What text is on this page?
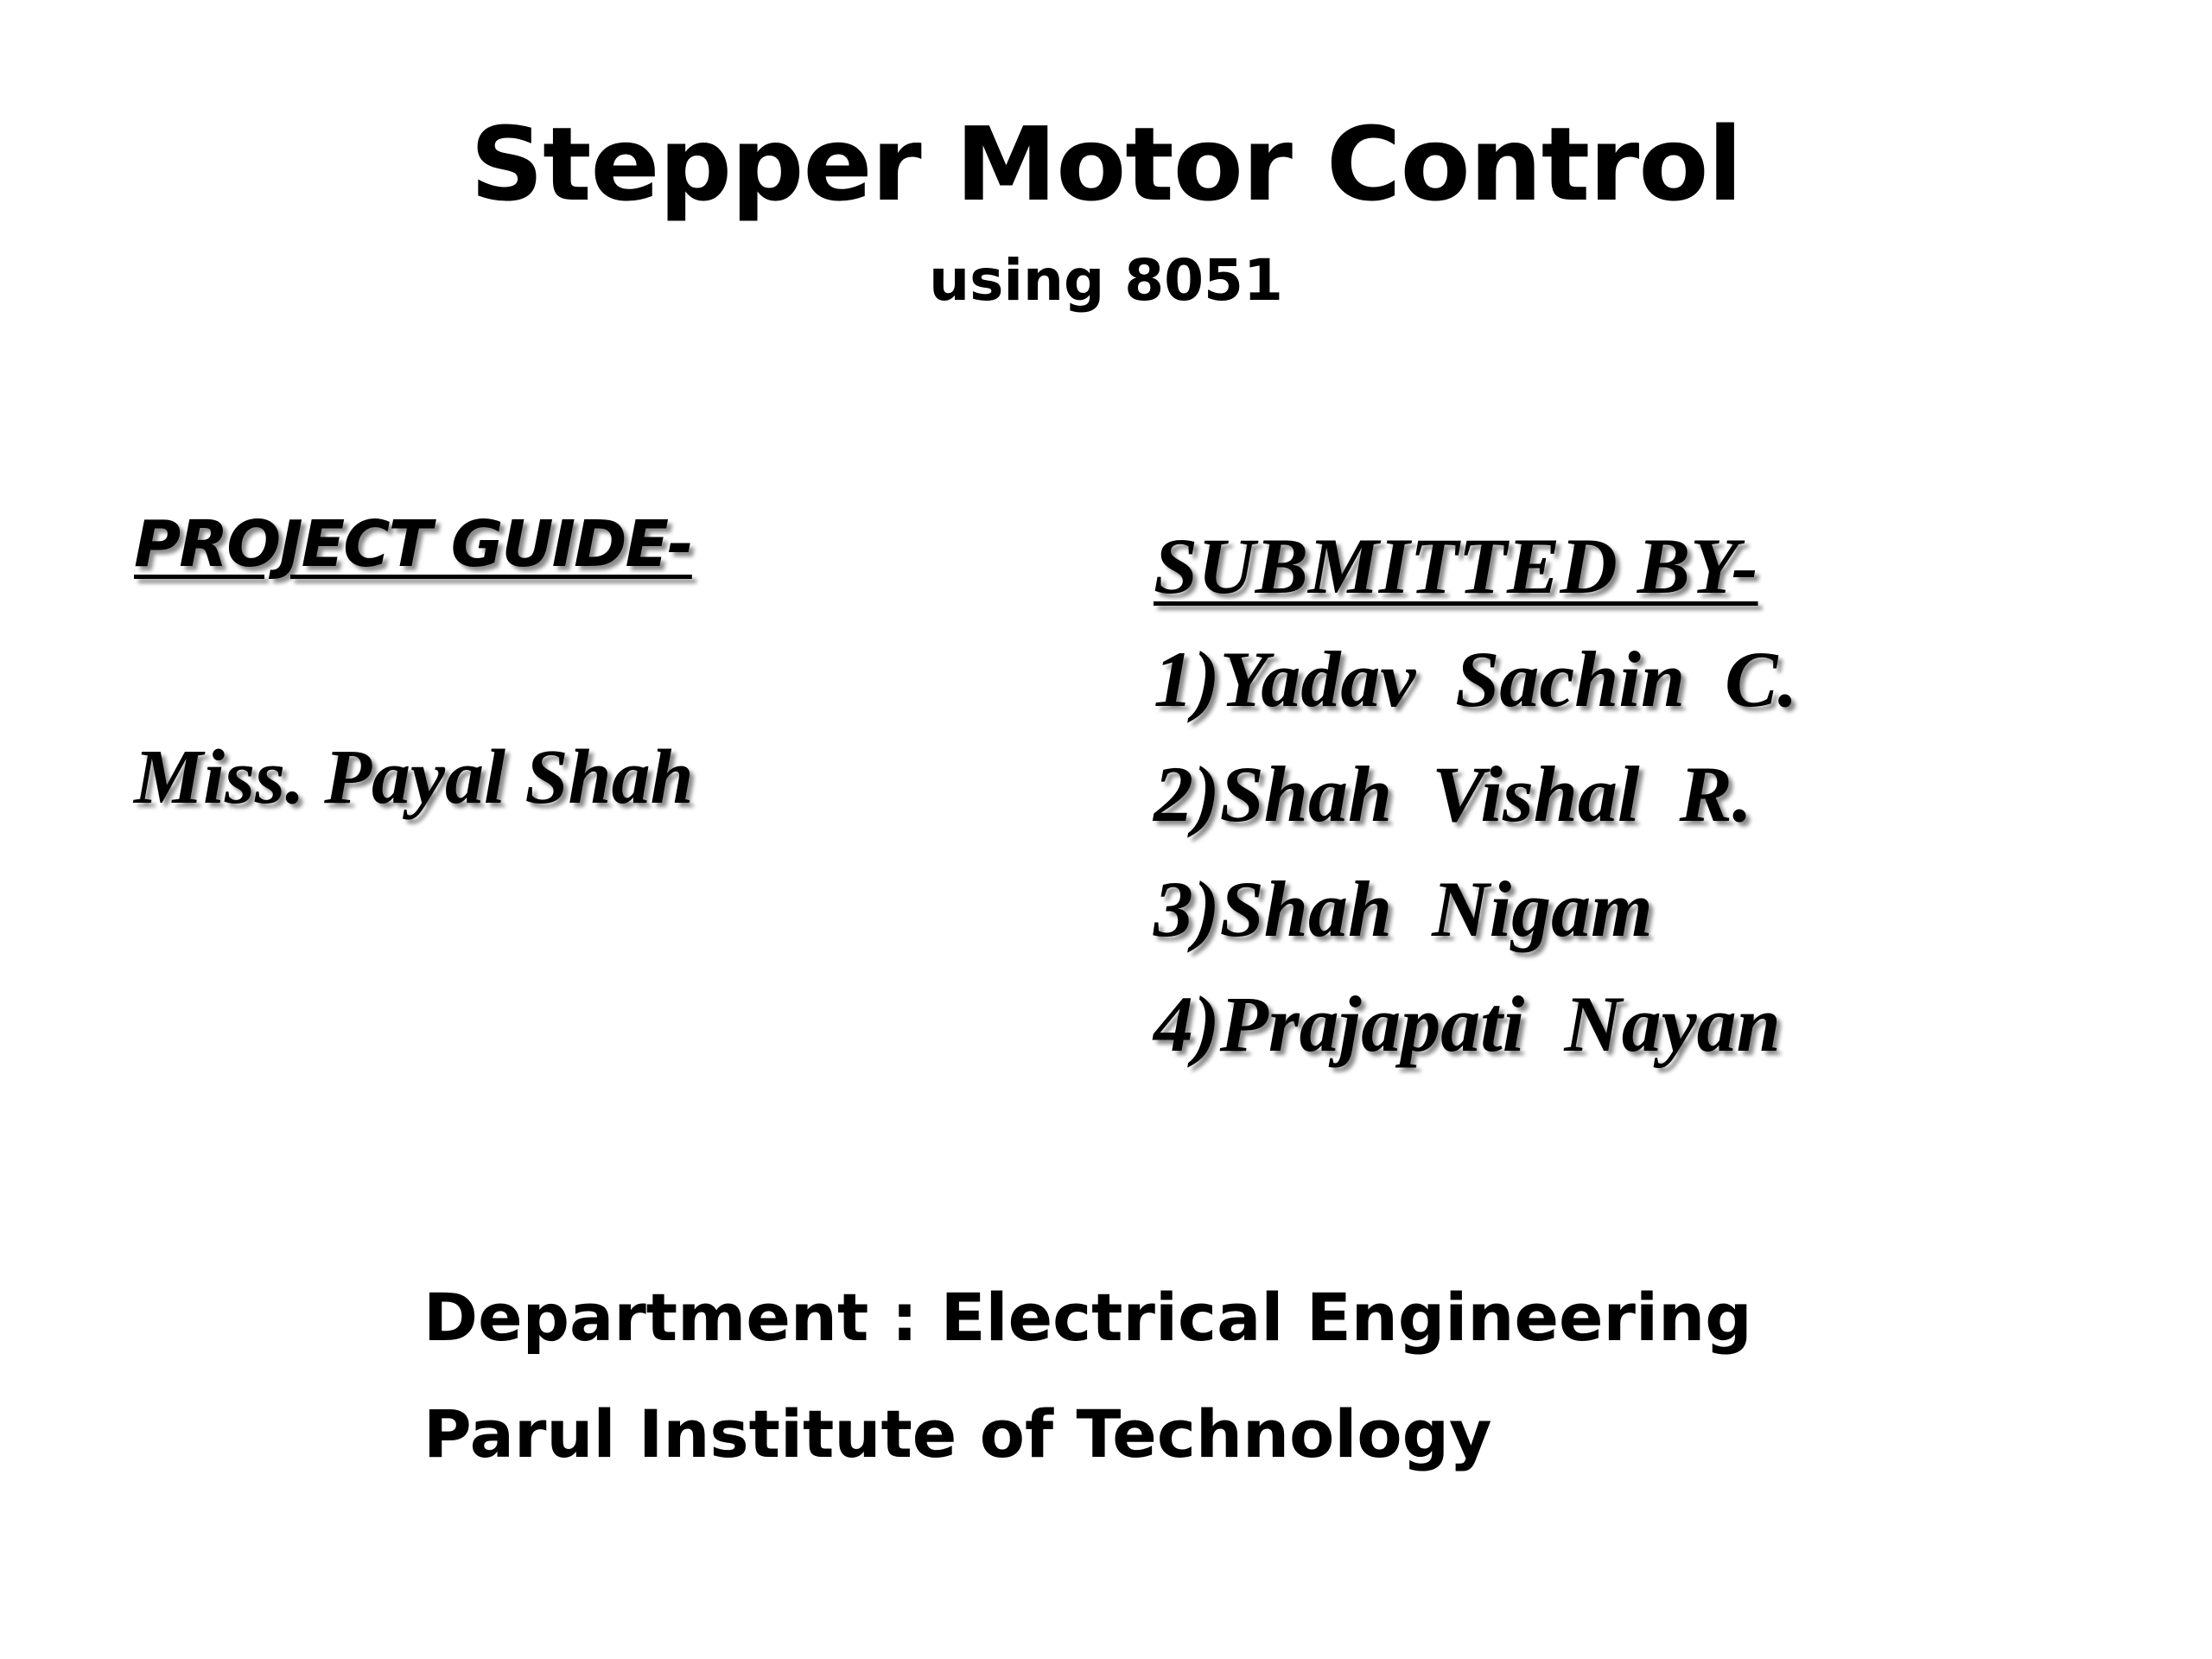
Stepper Motor Control
using 8051
PROJECT GUIDE-
Miss. Payal Shah
SUBMITTED BY-
1)Yadav  Sachin  C.
2)Shah  Vishal  R.
3)Shah  Nigam
4)Prajapati  Nayan
Department : Electrical Engineering
Parul Institute of Technology
